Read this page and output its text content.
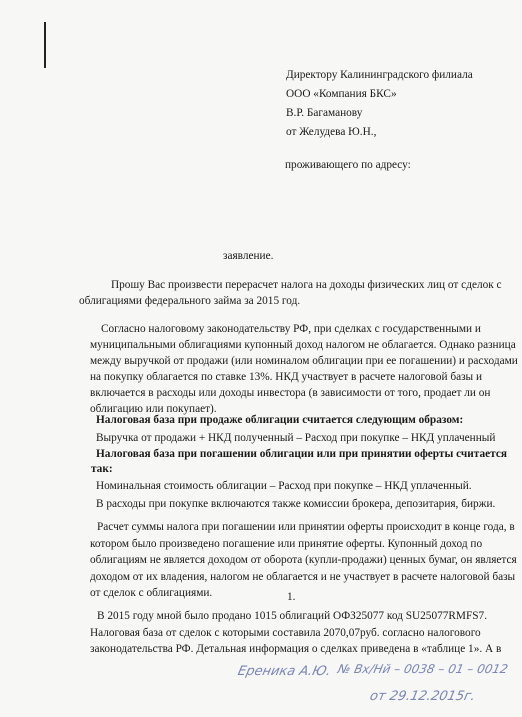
Директору Калининградского филиала
ООО «Компания БКС»
В.Р. Багаманову
от Желудева Ю.Н.,
проживающего по адресу:
заявление.
Прошу Вас произвести перерасчет налога на доходы физических лиц от сделок с
облигациями федерального займа за 2015 год.
Согласно налоговому законодательству РФ, при сделках с государственными и
муниципальными облигациями купонный доход налогом не облагается. Однако разница
между выручкой от продажи (или номиналом облигации при ее погашении) и расходами
на покупку облагается по ставке 13%. НКД участвует в расчете налоговой базы и
включается в расходы или доходы инвестора (в зависимости от того, продает ли он
облигацию или покупает).
Налоговая база при продаже облигации считается следующим образом:
Выручка от продажи + НКД полученный – Расход при покупке – НКД уплаченный
Налоговая база при погашении облигации или при принятии оферты считается
так:
Номинальная стоимость облигации – Расход при покупке – НКД уплаченный.
В расходы при покупке включаются также комиссии брокера, депозитария, биржи.
Расчет суммы налога при погашении или принятии оферты происходит в конце года, в
котором было произведено погашение или принятие оферты. Купонный доход по
облигациям не является доходом от оборота (купли-продажи) ценных бумаг, он является
доходом от их владения, налогом не облагается и не участвует в расчете налоговой базы
от сделок с облигациями.	1.
В 2015 году мной было продано 1015 облигаций ОФЗ25077 код SU25077RMFS7.
Налоговая база от сделок с которыми составила 2070,07руб. согласно налогового
законодательства РФ. Детальная информация о сделках приведена в «таблице 1». А в
Ереника А.Ю. № Вх/Нй – 0038 – 01 – 0012
от 29.12.2015г.
